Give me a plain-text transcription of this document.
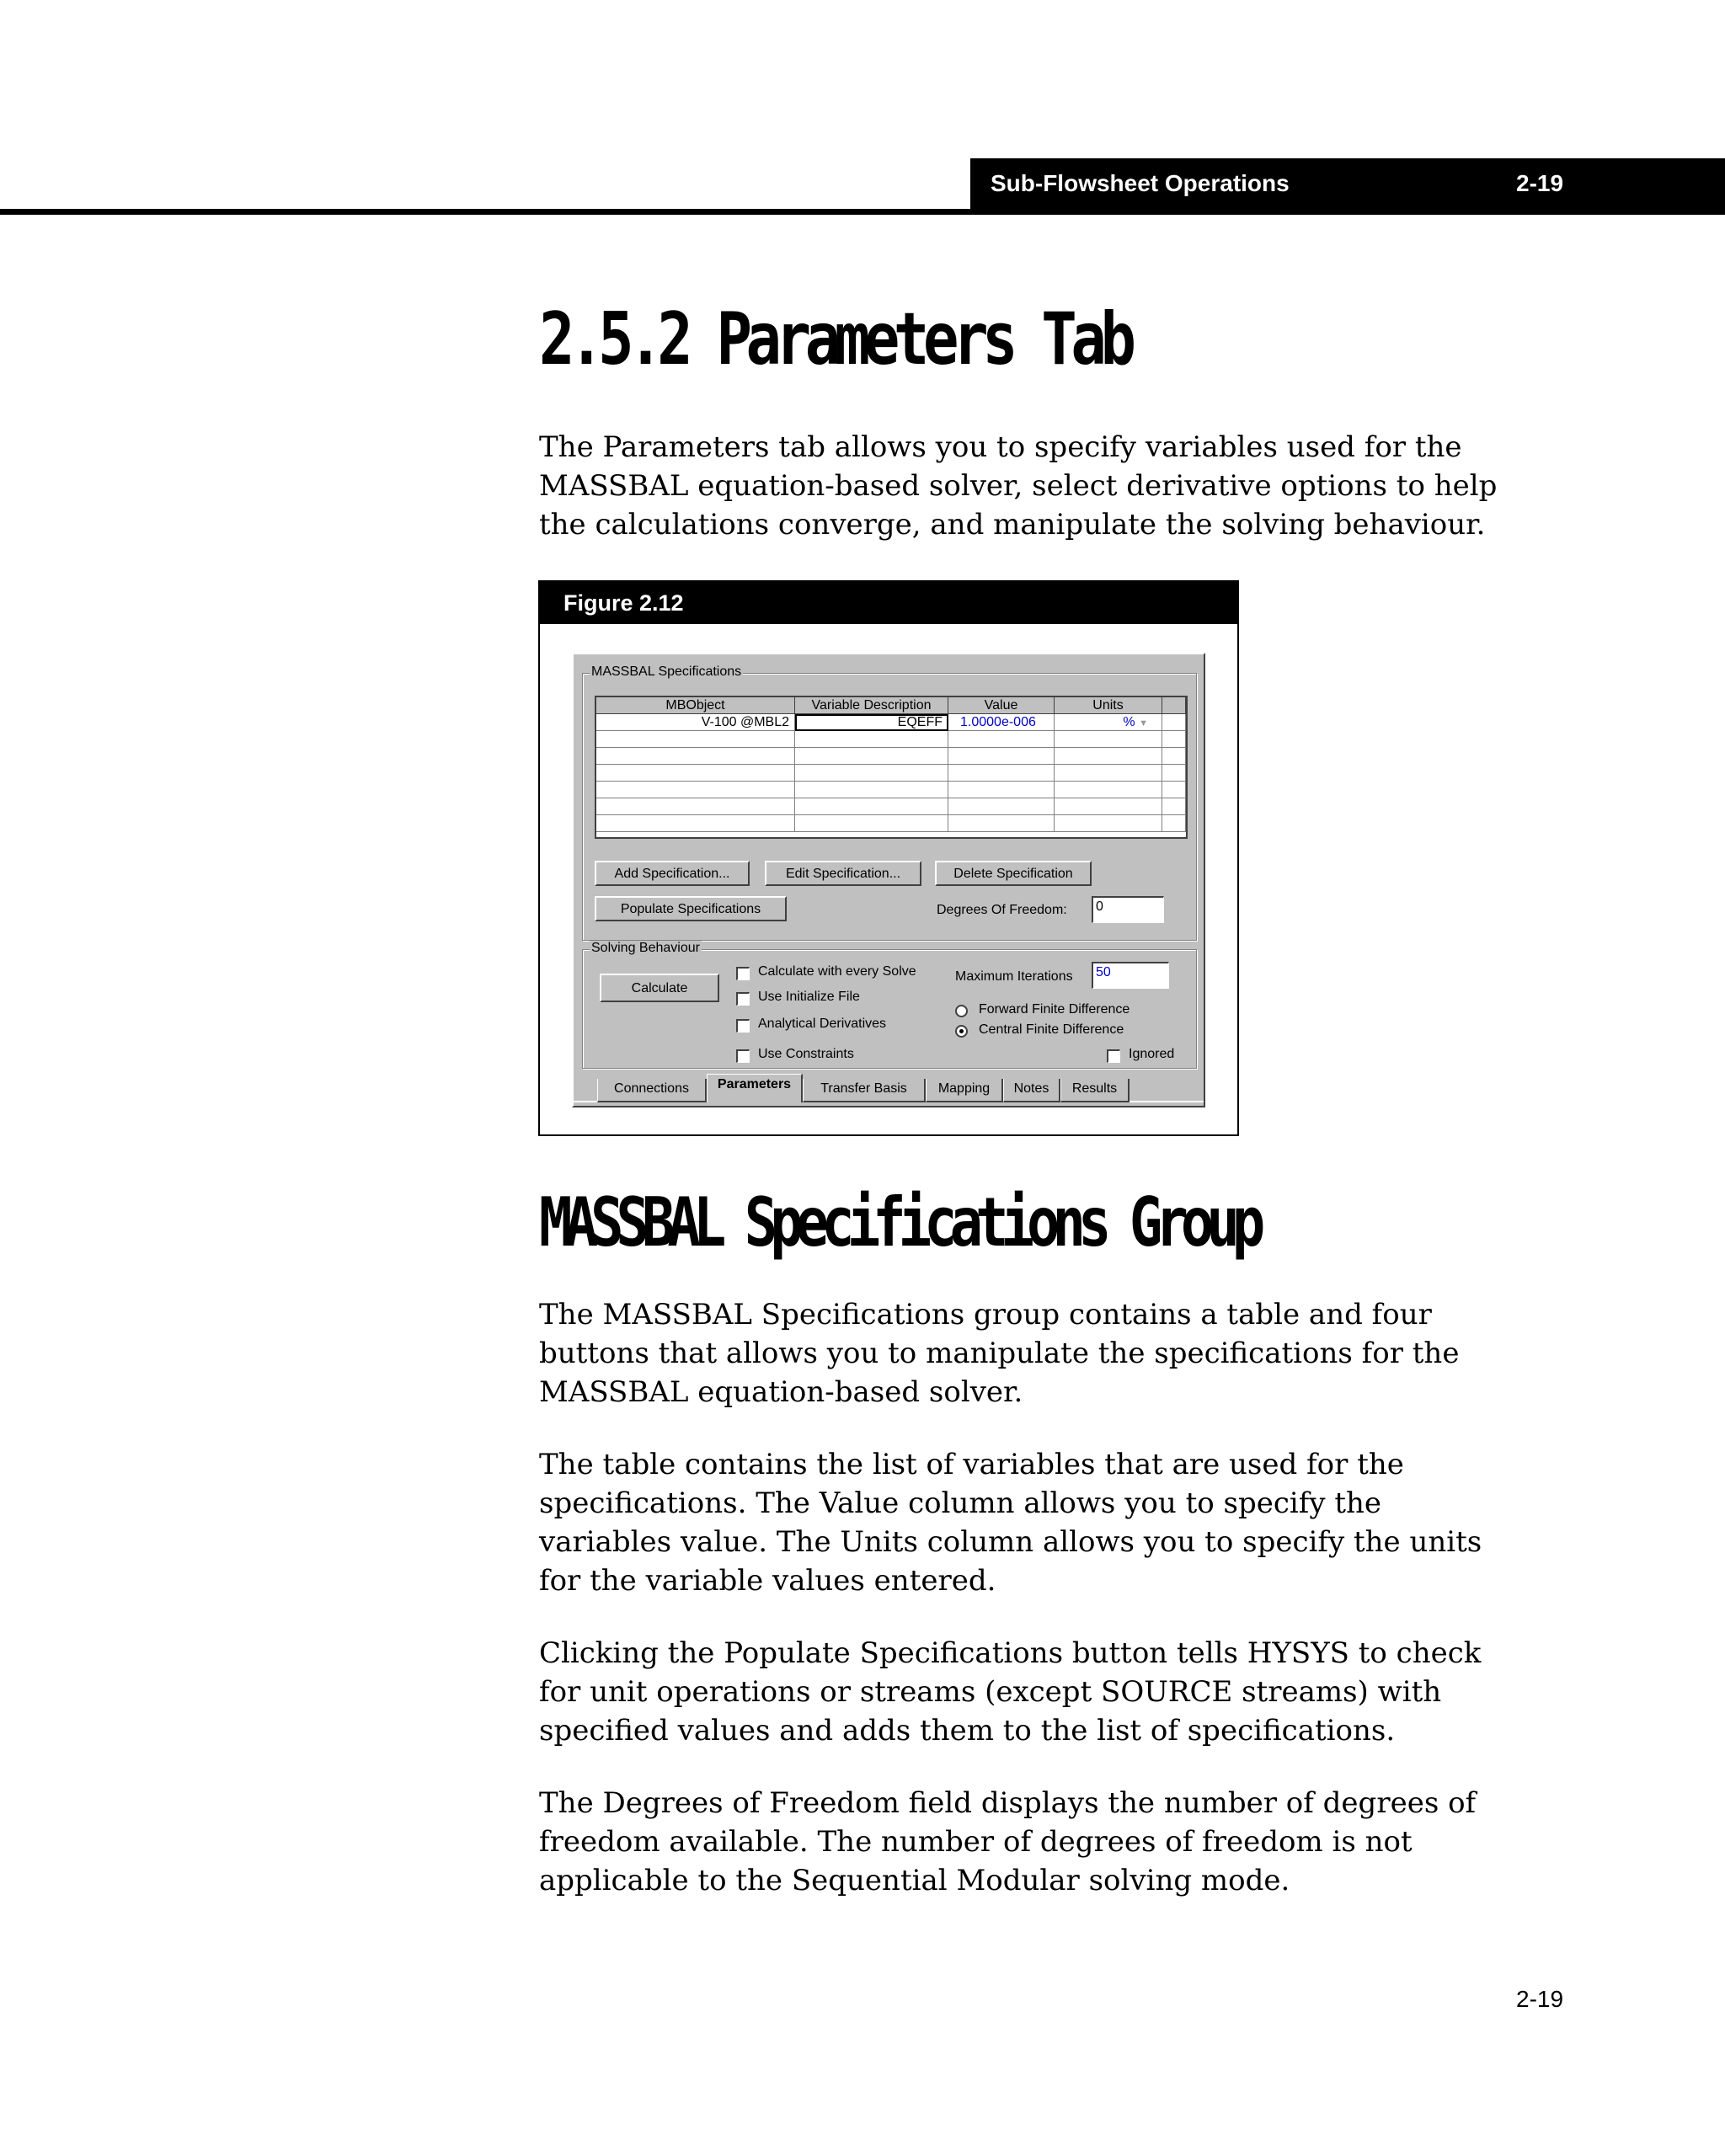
Sub-Flowsheet Operations	2-19
2.5.2 Parameters Tab

The Parameters tab allows you to specify variables used for the MASSBAL equation-based solver, select derivative options to help the calculations converge, and manipulate the solving behaviour.

Figure 2.12
MASSBAL Specifications
MBObject	Variable Description	Value	Units
V-100 @MBL2	EQEFF	1.0000e-006	% ▼
Add Specification...	Edit Specification...	Delete Specification
Populate Specifications	Degrees Of Freedom:	0
Solving Behaviour
Calculate
Calculate with every Solve
Use Initialize File
Analytical Derivatives
Use Constraints
Maximum Iterations	50
Forward Finite Difference
Central Finite Difference
Ignored
Connections	Parameters	Transfer Basis	Mapping	Notes	Results
MASSBAL Specifications Group

The MASSBAL Specifications group contains a table and four buttons that allows you to manipulate the specifications for the MASSBAL equation-based solver.

The table contains the list of variables that are used for the specifications. The Value column allows you to specify the variables value. The Units column allows you to specify the units for the variable values entered.

Clicking the Populate Specifications button tells HYSYS to check for unit operations or streams (except SOURCE streams) with specified values and adds them to the list of specifications.

The Degrees of Freedom field displays the number of degrees of freedom available. The number of degrees of freedom is not applicable to the Sequential Modular solving mode.

2-19
